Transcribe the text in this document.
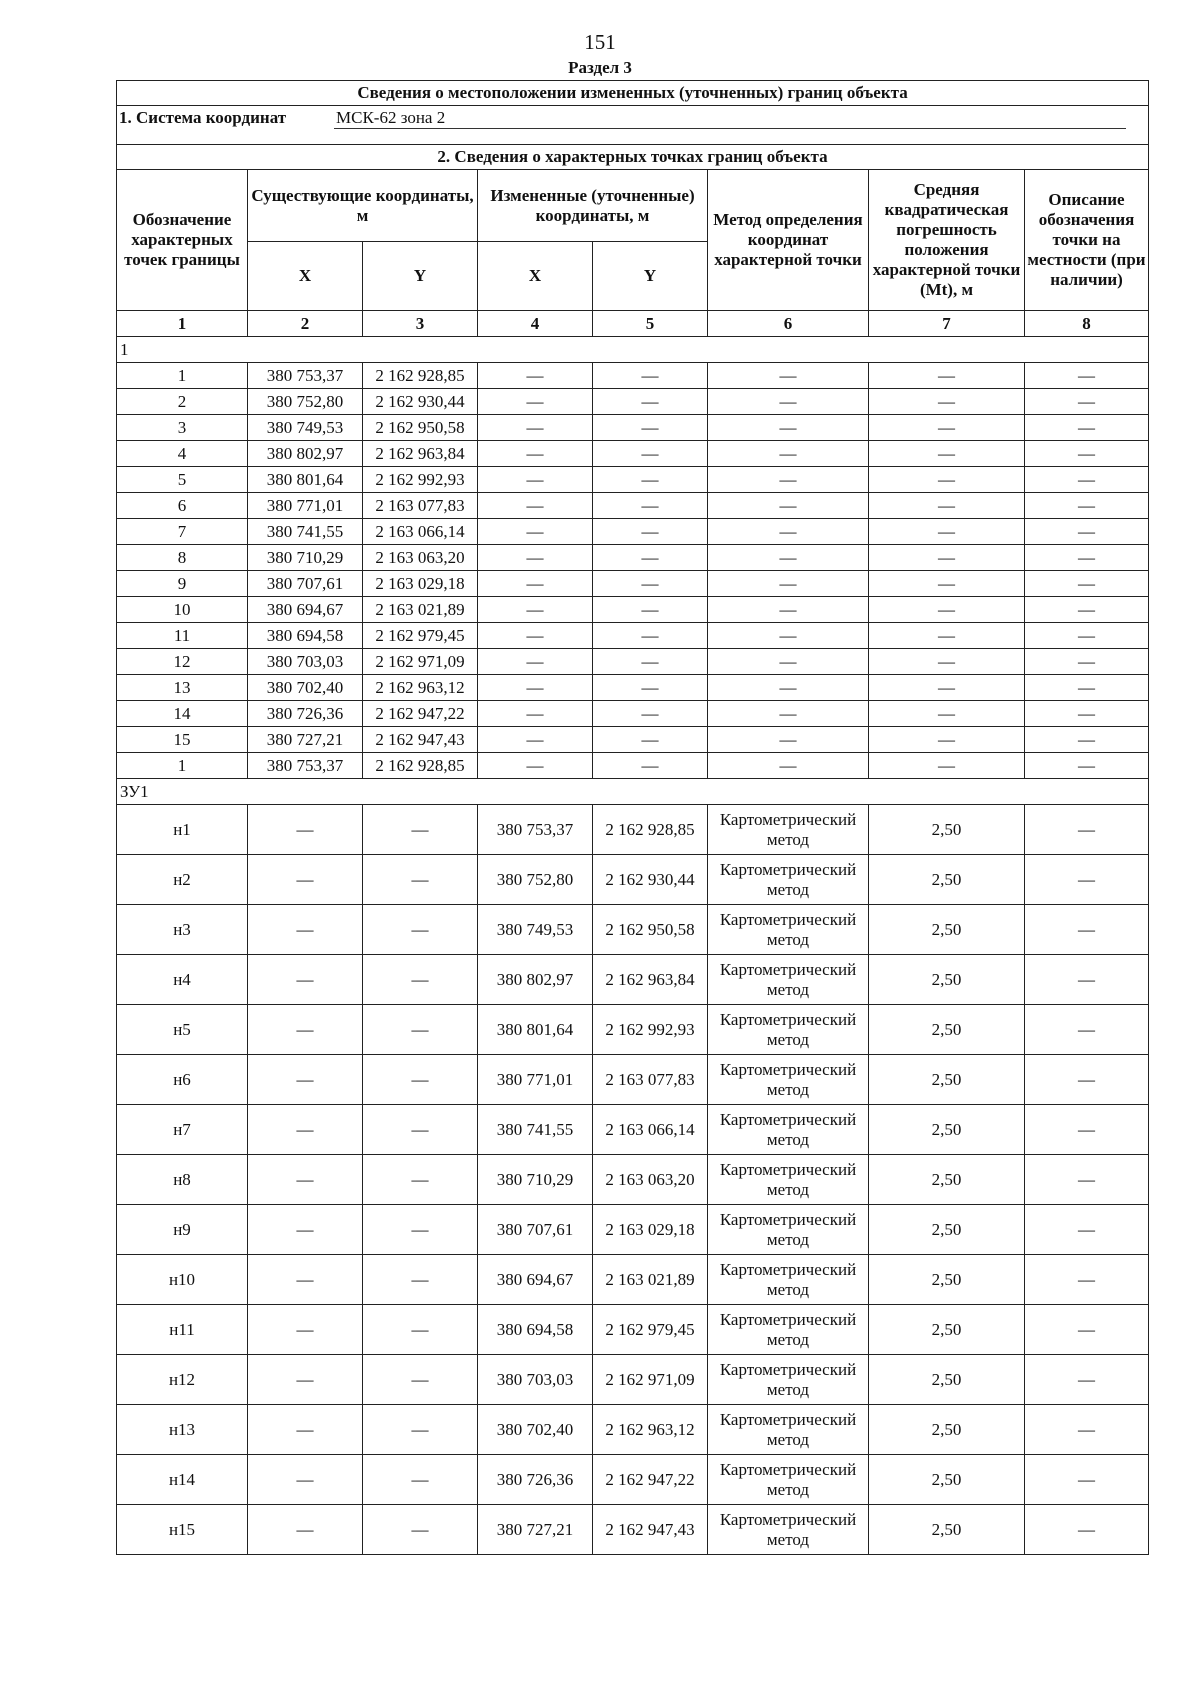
151
Раздел 3
Сведения о местоположении измененных (уточненных) границ объекта							
1. Система координат МСК-62 зона 2							
2. Сведения о характерных точках границ объекта							
Обозначение характерных точек границы	Существующие координаты, м		Измененные (уточненные) координаты, м		Метод определения координат характерной точки	Средняя квадратическая погрешность положения характерной точки (Mt), м	Описание обозначения точки на местности (при наличии)
	X	Y	X	Y			
1	2	3	4	5	6	7	8
1							
1	380 753,37	2 162 928,85	—	—	—	—	—
2	380 752,80	2 162 930,44	—	—	—	—	—
3	380 749,53	2 162 950,58	—	—	—	—	—
4	380 802,97	2 162 963,84	—	—	—	—	—
5	380 801,64	2 162 992,93	—	—	—	—	—
6	380 771,01	2 163 077,83	—	—	—	—	—
7	380 741,55	2 163 066,14	—	—	—	—	—
8	380 710,29	2 163 063,20	—	—	—	—	—
9	380 707,61	2 163 029,18	—	—	—	—	—
10	380 694,67	2 163 021,89	—	—	—	—	—
11	380 694,58	2 162 979,45	—	—	—	—	—
12	380 703,03	2 162 971,09	—	—	—	—	—
13	380 702,40	2 162 963,12	—	—	—	—	—
14	380 726,36	2 162 947,22	—	—	—	—	—
15	380 727,21	2 162 947,43	—	—	—	—	—
1	380 753,37	2 162 928,85	—	—	—	—	—
ЗУ1							
н1	—	—	380 753,37	2 162 928,85	Картометрический метод	2,50	—
н2	—	—	380 752,80	2 162 930,44	Картометрический метод	2,50	—
н3	—	—	380 749,53	2 162 950,58	Картометрический метод	2,50	—
н4	—	—	380 802,97	2 162 963,84	Картометрический метод	2,50	—
н5	—	—	380 801,64	2 162 992,93	Картометрический метод	2,50	—
н6	—	—	380 771,01	2 163 077,83	Картометрический метод	2,50	—
н7	—	—	380 741,55	2 163 066,14	Картометрический метод	2,50	—
н8	—	—	380 710,29	2 163 063,20	Картометрический метод	2,50	—
н9	—	—	380 707,61	2 163 029,18	Картометрический метод	2,50	—
н10	—	—	380 694,67	2 163 021,89	Картометрический метод	2,50	—
н11	—	—	380 694,58	2 162 979,45	Картометрический метод	2,50	—
н12	—	—	380 703,03	2 162 971,09	Картометрический метод	2,50	—
н13	—	—	380 702,40	2 162 963,12	Картометрический метод	2,50	—
н14	—	—	380 726,36	2 162 947,22	Картометрический метод	2,50	—
н15	—	—	380 727,21	2 162 947,43	Картометрический метод	2,50	—
